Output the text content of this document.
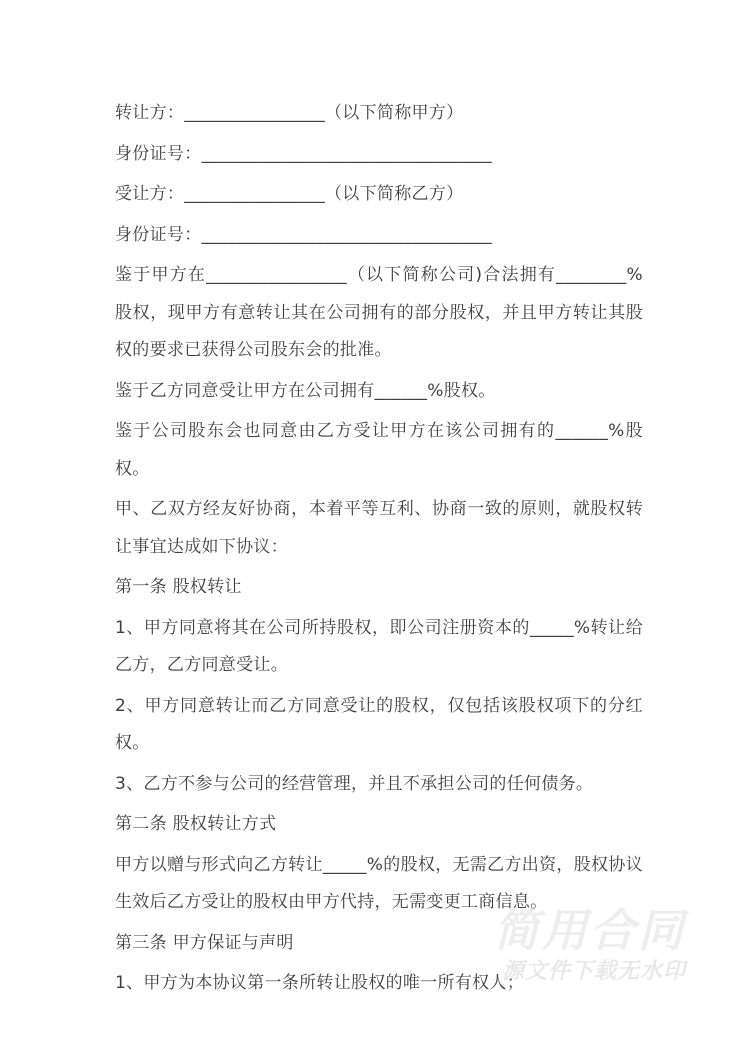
转让方：________________（以下简称甲方）

身份证号：_________________________________

受让方：________________（以下简称乙方）

身份证号：_________________________________

鉴于甲方在________________（以下简称公司)合法拥有________%股权，现甲方有意转让其在公司拥有的部分股权，并且甲方转让其股权的要求已获得公司股东会的批准。

鉴于乙方同意受让甲方在公司拥有______%股权。

鉴于公司股东会也同意由乙方受让甲方在该公司拥有的______%股权。

甲、乙双方经友好协商，本着平等互利、协商一致的原则，就股权转让事宜达成如下协议：

第一条 股权转让

1、甲方同意将其在公司所持股权，即公司注册资本的_____%转让给乙方，乙方同意受让。

2、甲方同意转让而乙方同意受让的股权，仅包括该股权项下的分红权。

3、乙方不参与公司的经营管理，并且不承担公司的任何债务。

第二条 股权转让方式

甲方以赠与形式向乙方转让_____%的股权，无需乙方出资，股权协议生效后乙方受让的股权由甲方代持，无需变更工商信息。

第三条 甲方保证与声明

1、甲方为本协议第一条所转让股权的唯一所有权人；

简用合同

源文件下载无水印
